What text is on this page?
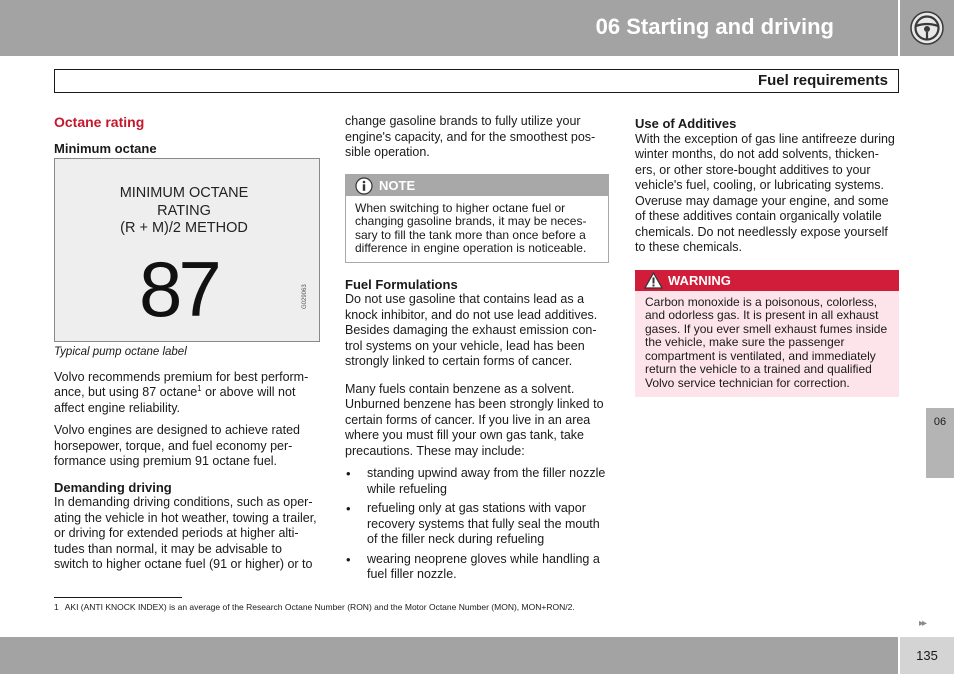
06 Starting and driving
Fuel requirements
Octane rating
Minimum octane
MINIMUM OCTANE
RATING
(R + M)/2 METHOD
87	G029063
Typical pump octane label

Volvo recommends premium for best perform-ance, but using 87 octane$^1$ or above will not affect engine reliability.

Volvo engines are designed to achieve rated horsepower, torque, and fuel economy per-formance using premium 91 octane fuel.

Demanding driving

In demanding driving conditions, such as oper-ating the vehicle in hot weather, towing a trailer, or driving for extended periods at higher alti-tudes than normal, it may be advisable to switch to higher octane fuel (91 or higher) or to

change gasoline brands to fully utilize your engine's capacity, and for the smoothest pos-sible operation.

NOTE
When switching to higher octane fuel or changing gasoline brands, it may be neces-sary to fill the tank more than once before a difference in engine operation is noticeable.
Fuel Formulations

Do not use gasoline that contains lead as a knock inhibitor, and do not use lead additives. Besides damaging the exhaust emission con-trol systems on your vehicle, lead has been strongly linked to certain forms of cancer.

Many fuels contain benzene as a solvent. Unburned benzene has been strongly linked to certain forms of cancer. If you live in an area where you must fill your own gas tank, take precautions. These may include:

• standing upwind away from the filler nozzle while refueling
• refueling only at gas stations with vapor recovery systems that fully seal the mouth of the filler neck during refueling
• wearing neoprene gloves while handling a fuel filler nozzle.
Use of Additives

With the exception of gas line antifreeze during winter months, do not add solvents, thicken-ers, or other store-bought additives to your vehicle's fuel, cooling, or lubricating systems. Overuse may damage your engine, and some of these additives contain organically volatile chemicals. Do not needlessly expose yourself to these chemicals.

WARNING
Carbon monoxide is a poisonous, colorless, and odorless gas. It is present in all exhaust gases. If you ever smell exhaust fumes inside the vehicle, make sure the passenger compartment is ventilated, and immediately return the vehicle to a trained and qualified Volvo service technician for correction.
1 AKI (ANTI KNOCK INDEX) is an average of the Research Octane Number (RON) and the Motor Octane Number (MON), MON+RON/2.
06
▸▸
135
